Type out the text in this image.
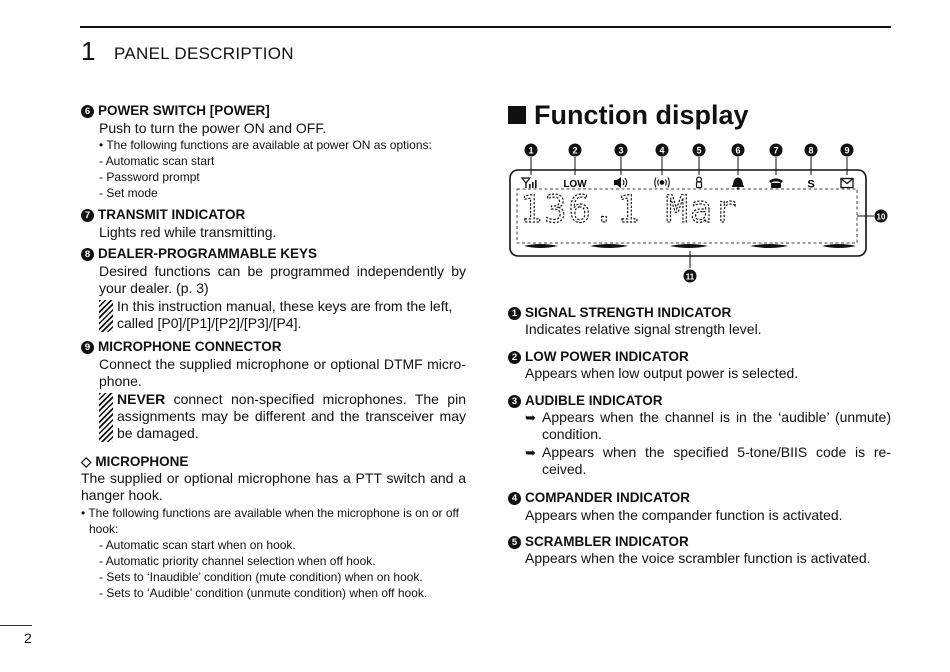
1 PANEL DESCRIPTION
6 POWER SWITCH [POWER]
Push to turn the power ON and OFF.
• The following functions are available at power ON as options:
- Automatic scan start
- Password prompt
- Set mode
7 TRANSMIT INDICATOR
Lights red while transmitting.
8 DEALER-PROGRAMMABLE KEYS
Desired functions can be programmed independently by your dealer. (p. 3)
In this instruction manual, these keys are from the left, called [P0]/[P1]/[P2]/[P3]/[P4].
9 MICROPHONE CONNECTOR
Connect the supplied microphone or optional DTMF micro-phone.
NEVER connect non-specified microphones. The pin assignments may be different and the transceiver may be damaged.
◇ MICROPHONE
The supplied or optional microphone has a PTT switch and a hanger hook.
• The following functions are available when the microphone is on or off hook:
- Automatic scan start when on hook.
- Automatic priority channel selection when off hook.
- Sets to ‘Inaudible’ condition (mute condition) when on hook.
- Sets to ‘Audible’ condition (unmute condition) when off hook.
2
Function display
1	2	3	4	5	6	7	8	9
10
11
LOW	S
136.1 Mar
1 SIGNAL STRENGTH INDICATOR
Indicates relative signal strength level.
2 LOW POWER INDICATOR
Appears when low output power is selected.
3 AUDIBLE INDICATOR
➥ Appears when the channel is in the ‘audible’ (unmute) condition.
➥ Appears when the specified 5-tone/BIIS code is re-ceived.
4 COMPANDER INDICATOR
Appears when the compander function is activated.
5 SCRAMBLER INDICATOR
Appears when the voice scrambler function is activated.
